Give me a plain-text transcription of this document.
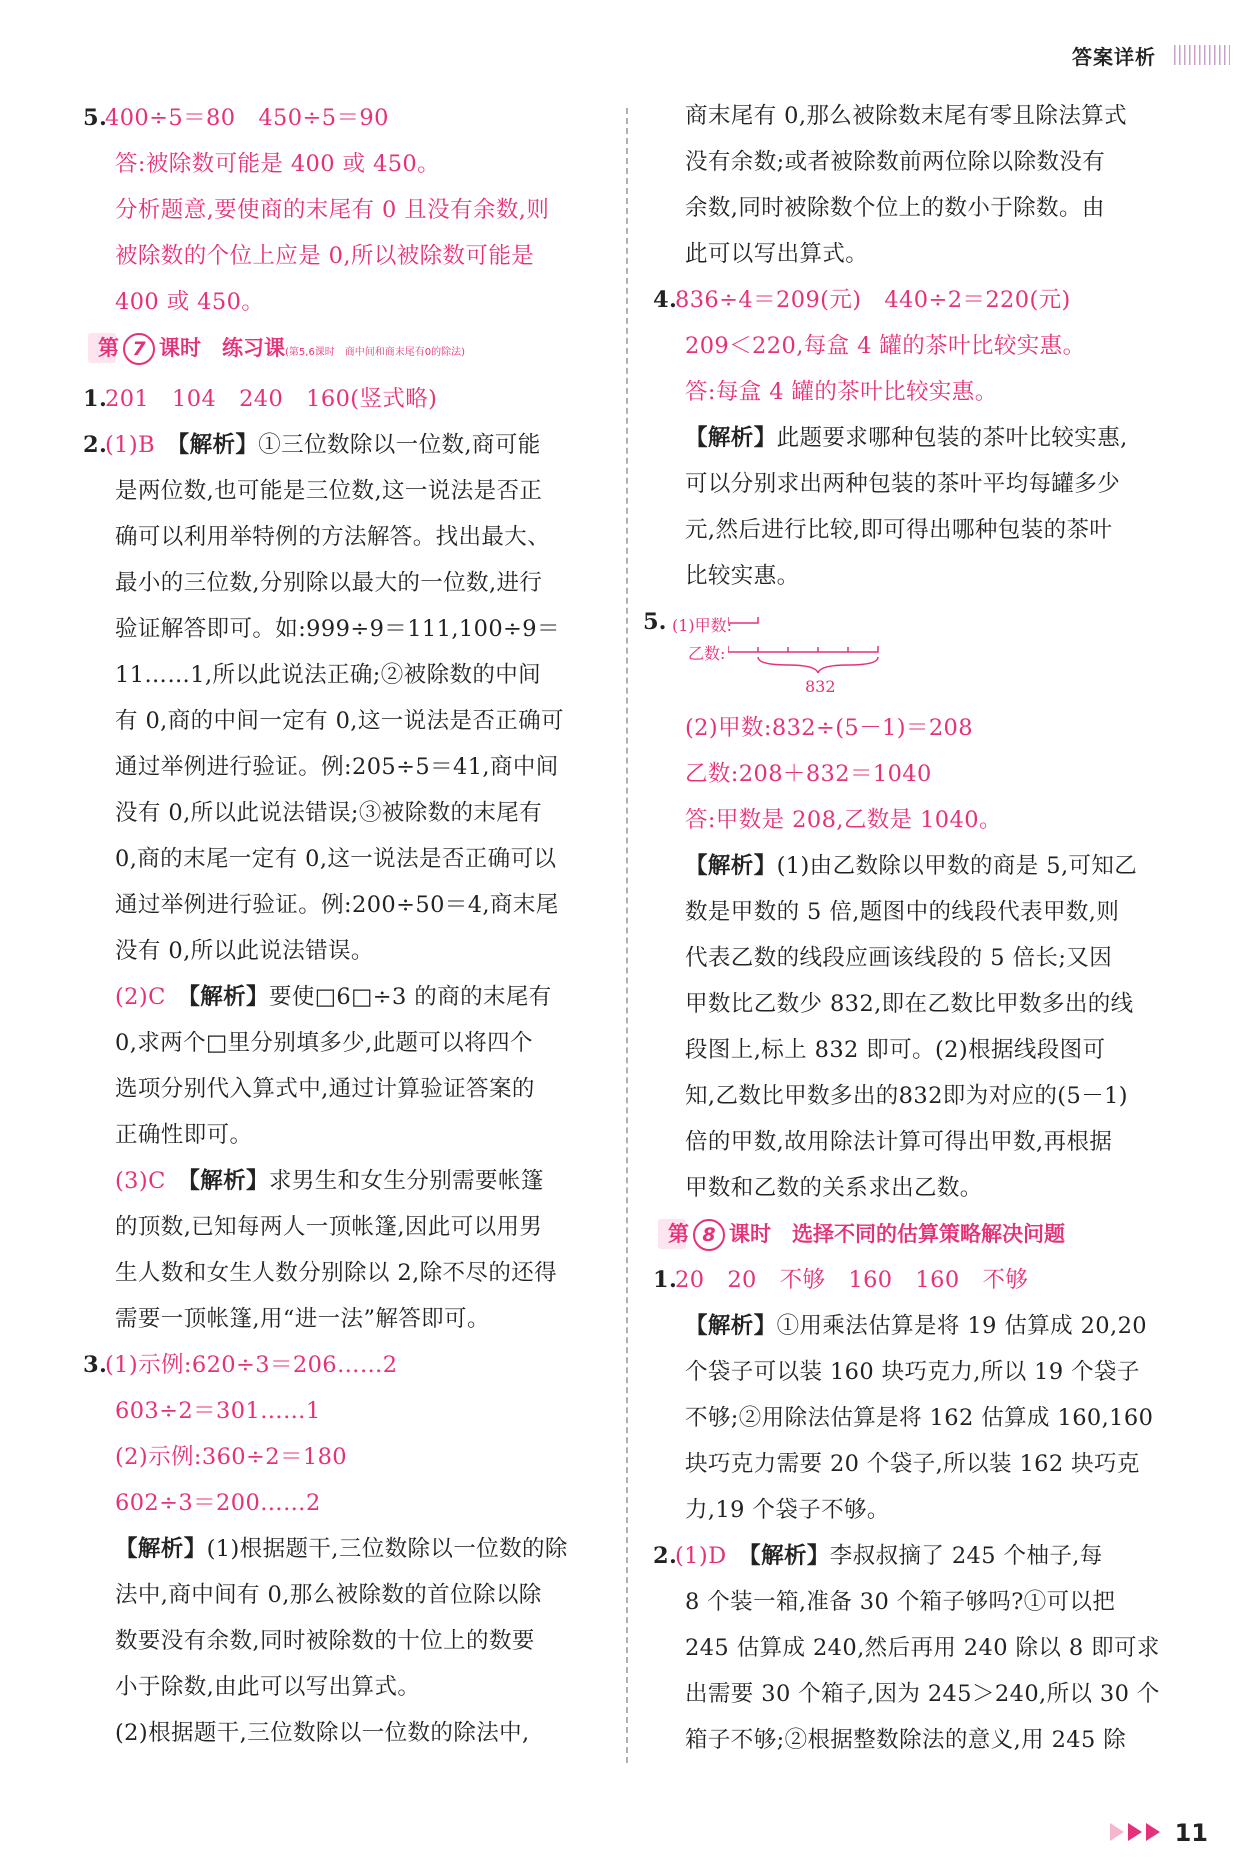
答案详析
5.400÷5＝80　450÷5＝90
答:被除数可能是 400 或 450。
分析题意,要使商的末尾有 0 且没有余数,则
被除数的个位上应是 0,所以被除数可能是
400 或 450。
第 7 课时　练习课(第5,6课时　商中间和商末尾有0的除法)
1.201　104　240　160(竖式略)
2.(1)B　 【解析】①三位数除以一位数,商可能
是两位数,也可能是三位数,这一说法是否正
确可以利用举特例的方法解答。找出最大、
最小的三位数,分别除以最大的一位数,进行
验证解答即可。如:999÷9＝111,100÷9＝
11……1,所以此说法正确;②被除数的中间
有 0,商的中间一定有 0,这一说法是否正确可
通过举例进行验证。例:205÷5＝41,商中间
没有 0,所以此说法错误;③被除数的末尾有
0,商的末尾一定有 0,这一说法是否正确可以
通过举例进行验证。例:200÷50＝4,商末尾
没有 0,所以此说法错误。
(2)C　 【解析】要使□6□÷3 的商的末尾有
0,求两个□里分别填多少,此题可以将四个
选项分别代入算式中,通过计算验证答案的
正确性即可。
(3)C　 【解析】求男生和女生分别需要帐篷
的顶数,已知每两人一顶帐篷,因此可以用男
生人数和女生人数分别除以 2,除不尽的还得
需要一顶帐篷,用“进一法”解答即可。
3.(1)示例:620÷3＝206……2
603÷2＝301……1
(2)示例:360÷2＝180
602÷3＝200……2
【解析】(1)根据题干,三位数除以一位数的除
法中,商中间有 0,那么被除数的首位除以除
数要没有余数,同时被除数的十位上的数要
小于除数,由此可以写出算式。
(2)根据题干,三位数除以一位数的除法中,
商末尾有 0,那么被除数末尾有零且除法算式
没有余数;或者被除数前两位除以除数没有
余数,同时被除数个位上的数小于除数。由
此可以写出算式。
4.836÷4＝209(元)　440÷2＝220(元)
209＜220,每盒 4 罐的茶叶比较实惠。
答:每盒 4 罐的茶叶比较实惠。
【解析】此题要求哪种包装的茶叶比较实惠,
可以分别求出两种包装的茶叶平均每罐多少
元,然后进行比较,即可得出哪种包装的茶叶
比较实惠。
5. (1)甲数:
乙数:
832
(2)甲数:832÷(5－1)＝208
乙数:208＋832＝1040
答:甲数是 208,乙数是 1040。
【解析】(1)由乙数除以甲数的商是 5,可知乙
数是甲数的 5 倍,题图中的线段代表甲数,则
代表乙数的线段应画该线段的 5 倍长;又因
甲数比乙数少 832,即在乙数比甲数多出的线
段图上,标上 832 即可。(2)根据线段图可
知,乙数比甲数多出的832即为对应的(5－1)
倍的甲数,故用除法计算可得出甲数,再根据
甲数和乙数的关系求出乙数。
第 8 课时　选择不同的估算策略解决问题
1.20　20　不够　160　160　不够
【解析】①用乘法估算是将 19 估算成 20,20
个袋子可以装 160 块巧克力,所以 19 个袋子
不够;②用除法估算是将 162 估算成 160,160
块巧克力需要 20 个袋子,所以装 162 块巧克
力,19 个袋子不够。
2.(1)D　 【解析】李叔叔摘了 245 个柚子,每
8 个装一箱,准备 30 个箱子够吗?①可以把
245 估算成 240,然后再用 240 除以 8 即可求
出需要 30 个箱子,因为 245＞240,所以 30 个
箱子不够;②根据整数除法的意义,用 245 除
11
